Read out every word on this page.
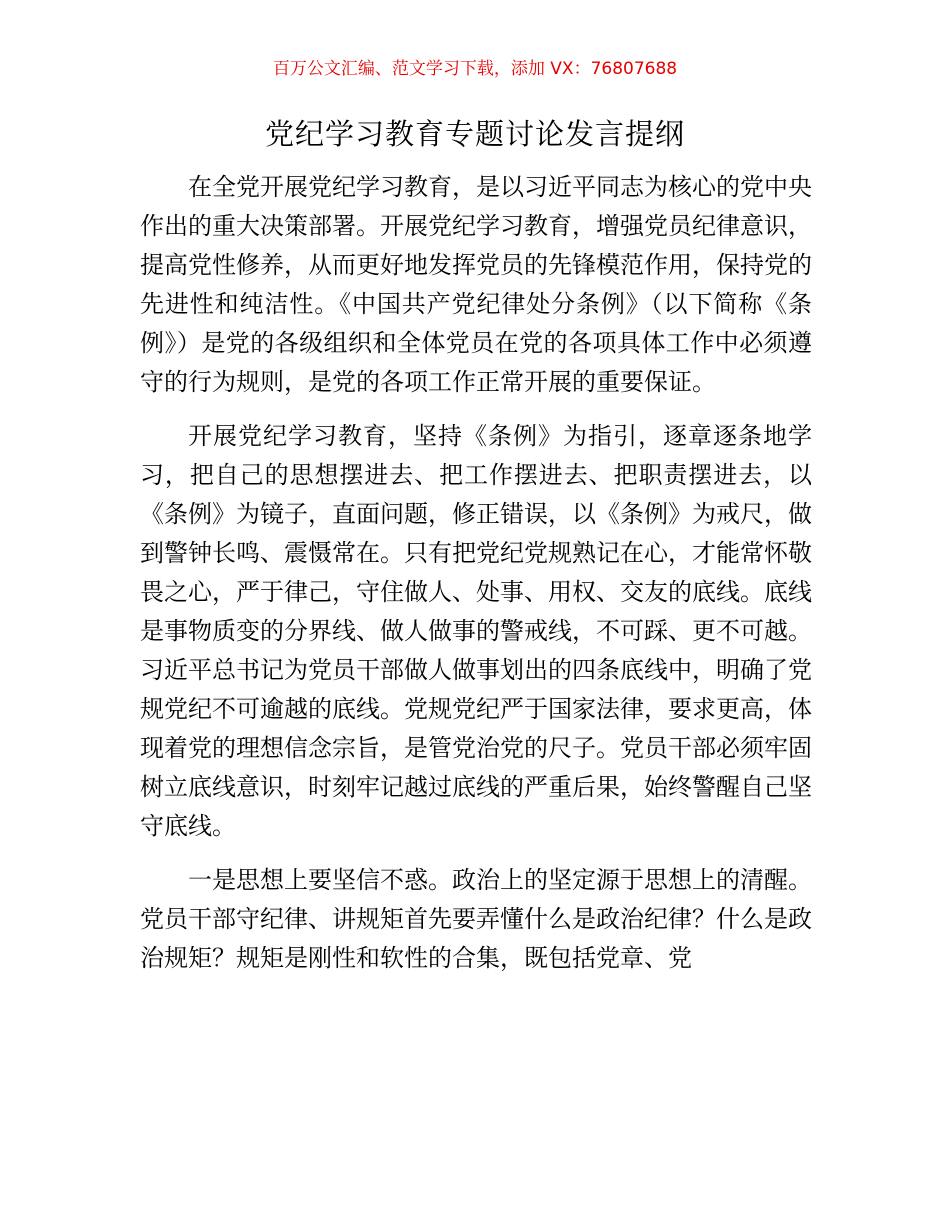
百万公文汇编、范文学习下载，添加 VX：76807688
党纪学习教育专题讨论发言提纲

在全党开展党纪学习教育，是以习近平同志为核心的党中央作出的重大决策部署。开展党纪学习教育，增强党员纪律意识，提高党性修养，从而更好地发挥党员的先锋模范作用，保持党的先进性和纯洁性。《中国共产党纪律处分条例》（以下简称《条例》）是党的各级组织和全体党员在党的各项具体工作中必须遵守的行为规则，是党的各项工作正常开展的重要保证。

开展党纪学习教育，坚持《条例》为指引，逐章逐条地学习，把自己的思想摆进去、把工作摆进去、把职责摆进去，以《条例》为镜子，直面问题，修正错误，以《条例》为戒尺，做到警钟长鸣、震慑常在。只有把党纪党规熟记在心，才能常怀敬畏之心，严于律己，守住做人、处事、用权、交友的底线。底线是事物质变的分界线、做人做事的警戒线，不可踩、更不可越。习近平总书记为党员干部做人做事划出的四条底线中，明确了党规党纪不可逾越的底线。党规党纪严于国家法律，要求更高，体现着党的理想信念宗旨，是管党治党的尺子。党员干部必须牢固树立底线意识，时刻牢记越过底线的严重后果，始终警醒自己坚守底线。

一是思想上要坚信不惑。政治上的坚定源于思想上的清醒。党员干部守纪律、讲规矩首先要弄懂什么是政治纪律？什么是政治规矩？规矩是刚性和软性的合集，既包括党章、党
